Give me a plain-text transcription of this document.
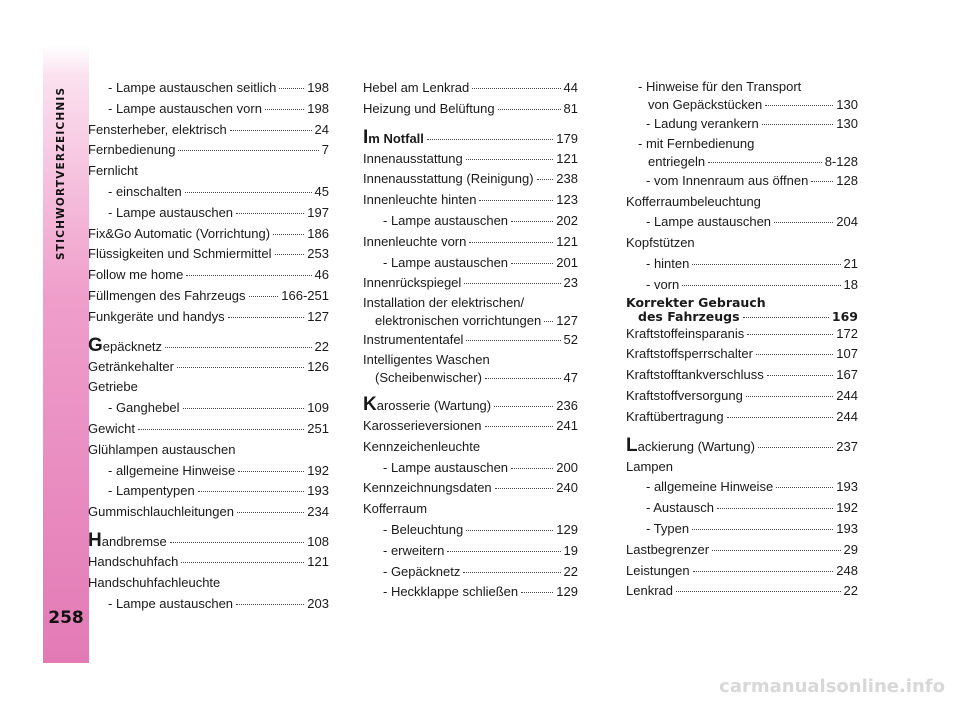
STICHWORTVERZEICHNIS
258
- Lampe austauschen seitlich 198
- Lampe austauschen vorn	198
Fensterheber, elektrisch	24
Fernbedienung	7
Fernlicht
- einschalten	45
- Lampe austauschen	197
Fix&Go Automatic (Vorrichtung)	186
Flüssigkeiten und Schmiermittel	253
Follow me home	46
Füllmengen des Fahrzeugs	166-251
Funkgeräte und handys	127
Gepäcknetz	22
Getränkehalter	126
Getriebe
- Ganghebel	109
Gewicht	251
Glühlampen austauschen
- allgemeine Hinweise	192
- Lampentypen	193
Gummischlauchleitungen	234
Handbremse	108
Handschuhfach	121
Handschuhfachleuchte
- Lampe austauschen	203
Hebel am Lenkrad	44
Heizung und Belüftung	81
Im Notfall	179
Innenausstattung	121
Innenausstattung (Reinigung) 238
Innenleuchte hinten	123
- Lampe austauschen	202
Innenleuchte vorn	121
- Lampe austauschen	201
Innenrückspiegel	23
Installation der elektrischen/
elektronischen vorrichtungen 127
Instrumententafel	52
Intelligentes Waschen
(Scheibenwischer)	47
Karosserie (Wartung)	236
Karosserieversionen	241
Kennzeichenleuchte
- Lampe austauschen	200
Kennzeichnungsdaten	240
Kofferraum
- Beleuchtung	129
- erweitern	19
- Gepäcknetz	22
- Heckklappe schließen	129
- Hinweise für den Transport
von Gepäckstücken	130
- Ladung verankern	130
- mit Fernbedienung
entriegeln	8-128
- vom Innenraum aus öffnen 128
Kofferraumbeleuchtung
- Lampe austauschen	204
Kopfstützen
- hinten	21
- vorn	18
Korrekter Gebrauch
des Fahrzeugs	169
Kraftstoffeinsparanis	172
Kraftstoffsperrschalter	107
Kraftstofftankverschluss	167
Kraftstoffversorgung	244
Kraftübertragung	244
Lackierung (Wartung)	237
Lampen
- allgemeine Hinweise	193
- Austausch	192
- Typen	193
Lastbegrenzer	29
Leistungen	248
Lenkrad	22
carmanualsonline.info
